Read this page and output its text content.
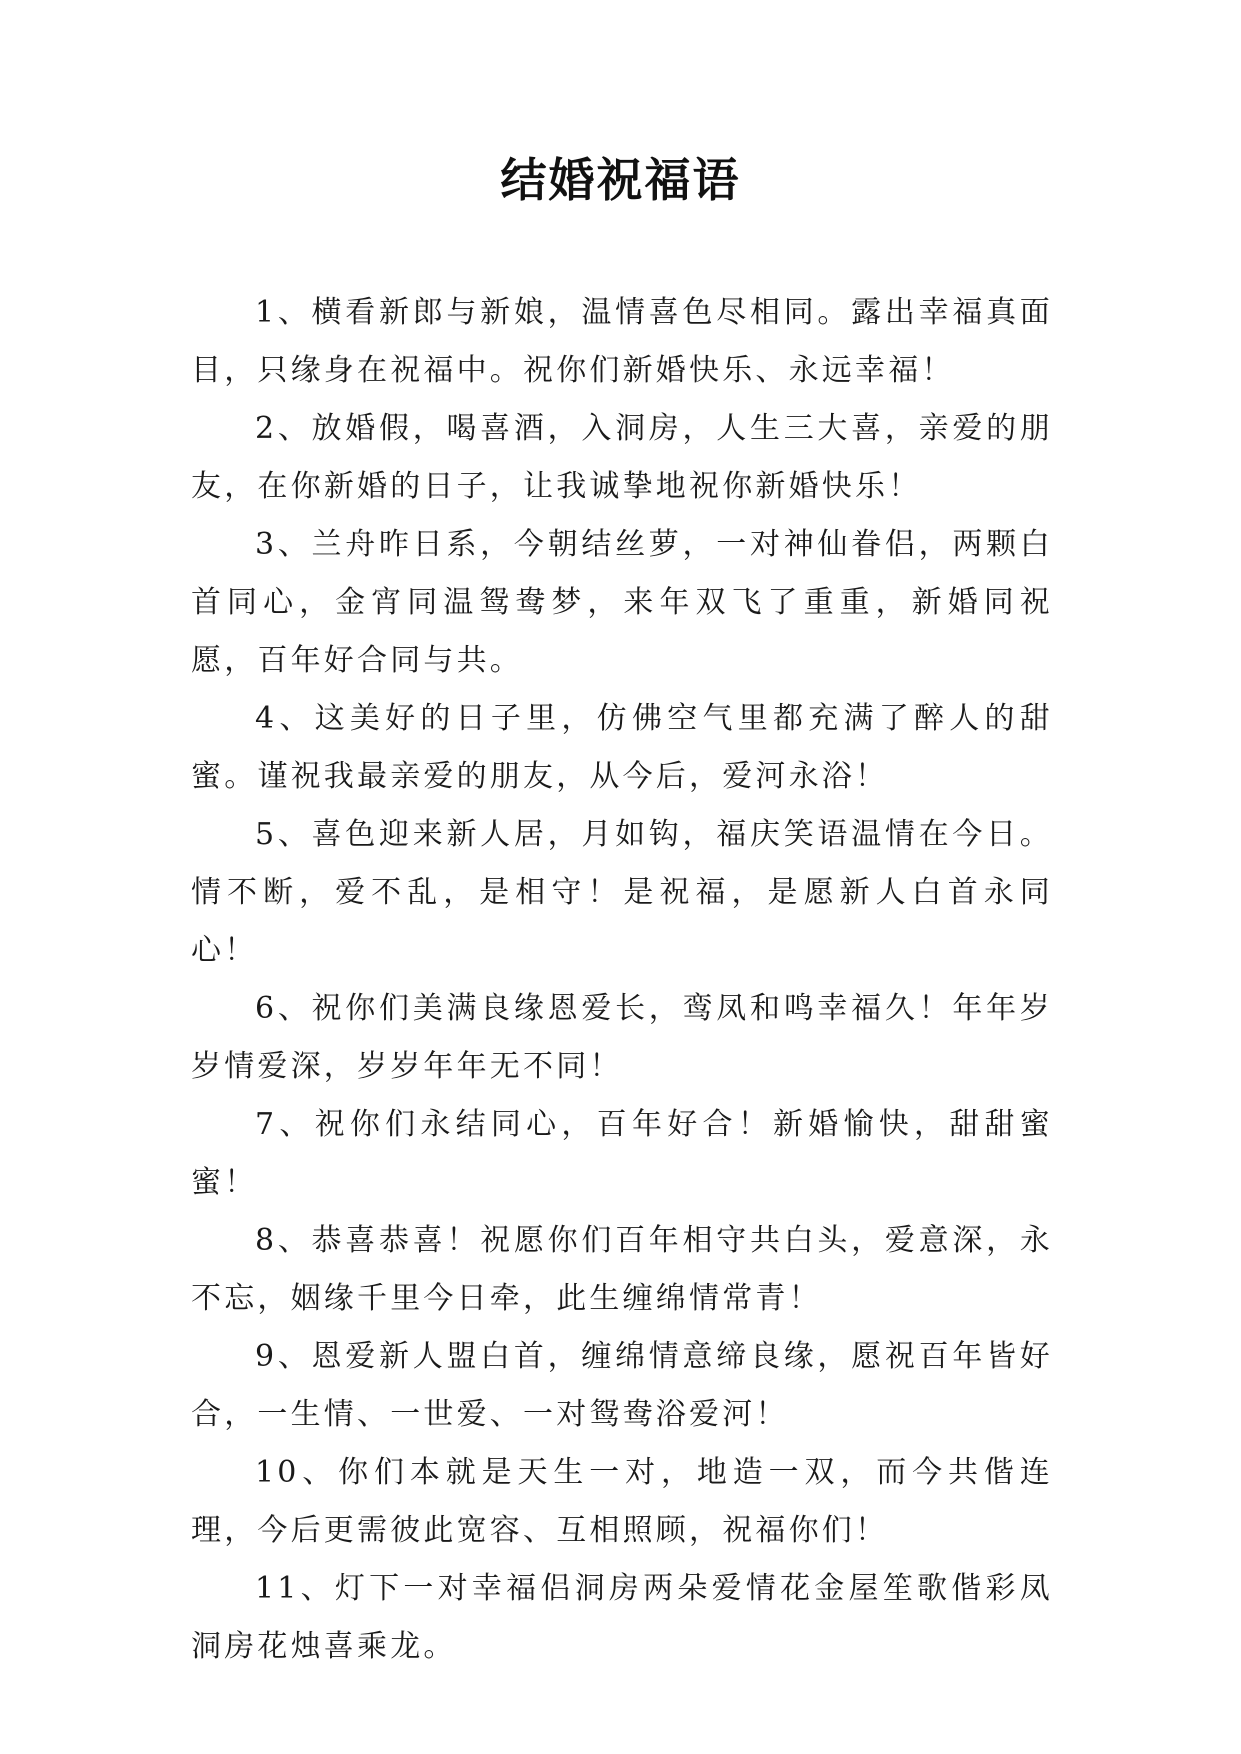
结婚祝福语

1、横看新郎与新娘，温情喜色尽相同。露出幸福真面目，只缘身在祝福中。祝你们新婚快乐、永远幸福！

2、放婚假，喝喜酒，入洞房，人生三大喜，亲爱的朋友，在你新婚的日子，让我诚挚地祝你新婚快乐！

3、兰舟昨日系，今朝结丝萝，一对神仙眷侣，两颗白首同心，金宵同温鸳鸯梦，来年双飞了重重，新婚同祝愿，百年好合同与共。

4、这美好的日子里，仿佛空气里都充满了醉人的甜蜜。谨祝我最亲爱的朋友，从今后，爱河永浴！

5、喜色迎来新人居，月如钩，福庆笑语温情在今日。情不断，爱不乱，是相守！是祝福，是愿新人白首永同心！

6、祝你们美满良缘恩爱长，鸾凤和鸣幸福久！年年岁岁情爱深，岁岁年年无不同！

7、祝你们永结同心，百年好合！新婚愉快，甜甜蜜蜜！

8、恭喜恭喜！祝愿你们百年相守共白头，爱意深，永不忘，姻缘千里今日牵，此生缠绵情常青！

9、恩爱新人盟白首，缠绵情意缔良缘，愿祝百年皆好合，一生情、一世爱、一对鸳鸯浴爱河！

10、你们本就是天生一对，地造一双，而今共偕连理，今后更需彼此宽容、互相照顾，祝福你们！

11、灯下一对幸福侣洞房两朵爱情花金屋笙歌偕彩凤洞房花烛喜乘龙。
